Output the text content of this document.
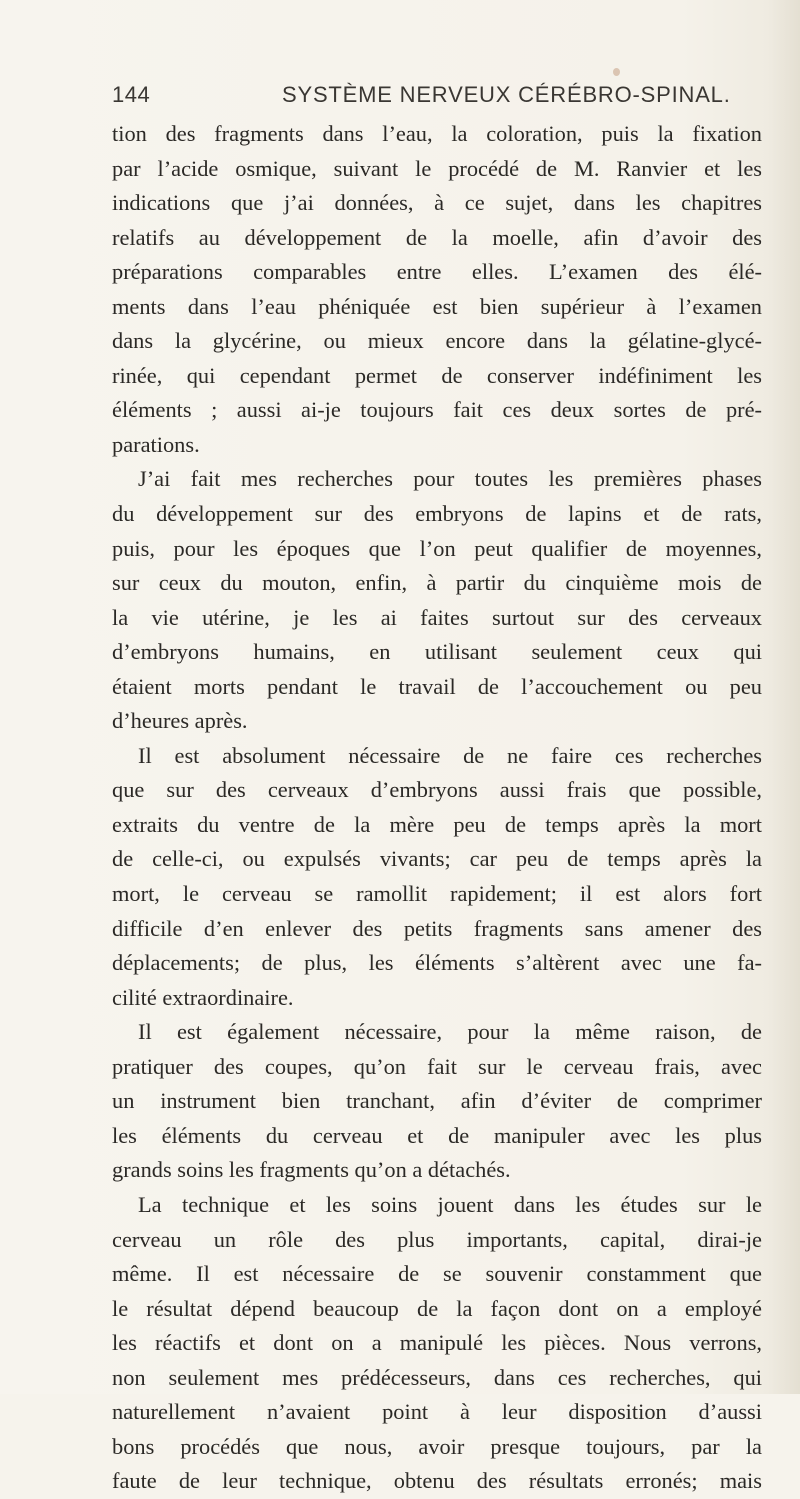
144	SYSTÈME NERVEUX CÉRÉBRO-SPINAL.
tion des fragments dans l’eau, la coloration, puis la fixation
par l’acide osmique, suivant le procédé de M. Ranvier et les
indications que j’ai données, à ce sujet, dans les chapitres
relatifs au développement de la moelle, afin d’avoir des
préparations comparables entre elles. L’examen des élé-
ments dans l’eau phéniquée est bien supérieur à l’examen
dans la glycérine, ou mieux encore dans la gélatine-glycé-
rinée, qui cependant permet de conserver indéfiniment les
éléments ; aussi ai-je toujours fait ces deux sortes de pré-
parations.
J’ai fait mes recherches pour toutes les premières phases
du développement sur des embryons de lapins et de rats,
puis, pour les époques que l’on peut qualifier de moyennes,
sur ceux du mouton, enfin, à partir du cinquième mois de
la vie utérine, je les ai faites surtout sur des cerveaux
d’embryons humains, en utilisant seulement ceux qui
étaient morts pendant le travail de l’accouchement ou peu
d’heures après.
Il est absolument nécessaire de ne faire ces recherches
que sur des cerveaux d’embryons aussi frais que possible,
extraits du ventre de la mère peu de temps après la mort
de celle-ci, ou expulsés vivants; car peu de temps après la
mort, le cerveau se ramollit rapidement; il est alors fort
difficile d’en enlever des petits fragments sans amener des
déplacements; de plus, les éléments s’altèrent avec une fa-
cilité extraordinaire.
Il est également nécessaire, pour la même raison, de
pratiquer des coupes, qu’on fait sur le cerveau frais, avec
un instrument bien tranchant, afin d’éviter de comprimer
les éléments du cerveau et de manipuler avec les plus
grands soins les fragments qu’on a détachés.
La technique et les soins jouent dans les études sur le
cerveau un rôle des plus importants, capital, dirai-je
même. Il est nécessaire de se souvenir constamment que
le résultat dépend beaucoup de la façon dont on a employé
les réactifs et dont on a manipulé les pièces. Nous verrons,
non seulement mes prédécesseurs, dans ces recherches, qui
naturellement n’avaient point à leur disposition d’aussi
bons procédés que nous, avoir presque toujours, par la
faute de leur technique, obtenu des résultats erronés; mais
